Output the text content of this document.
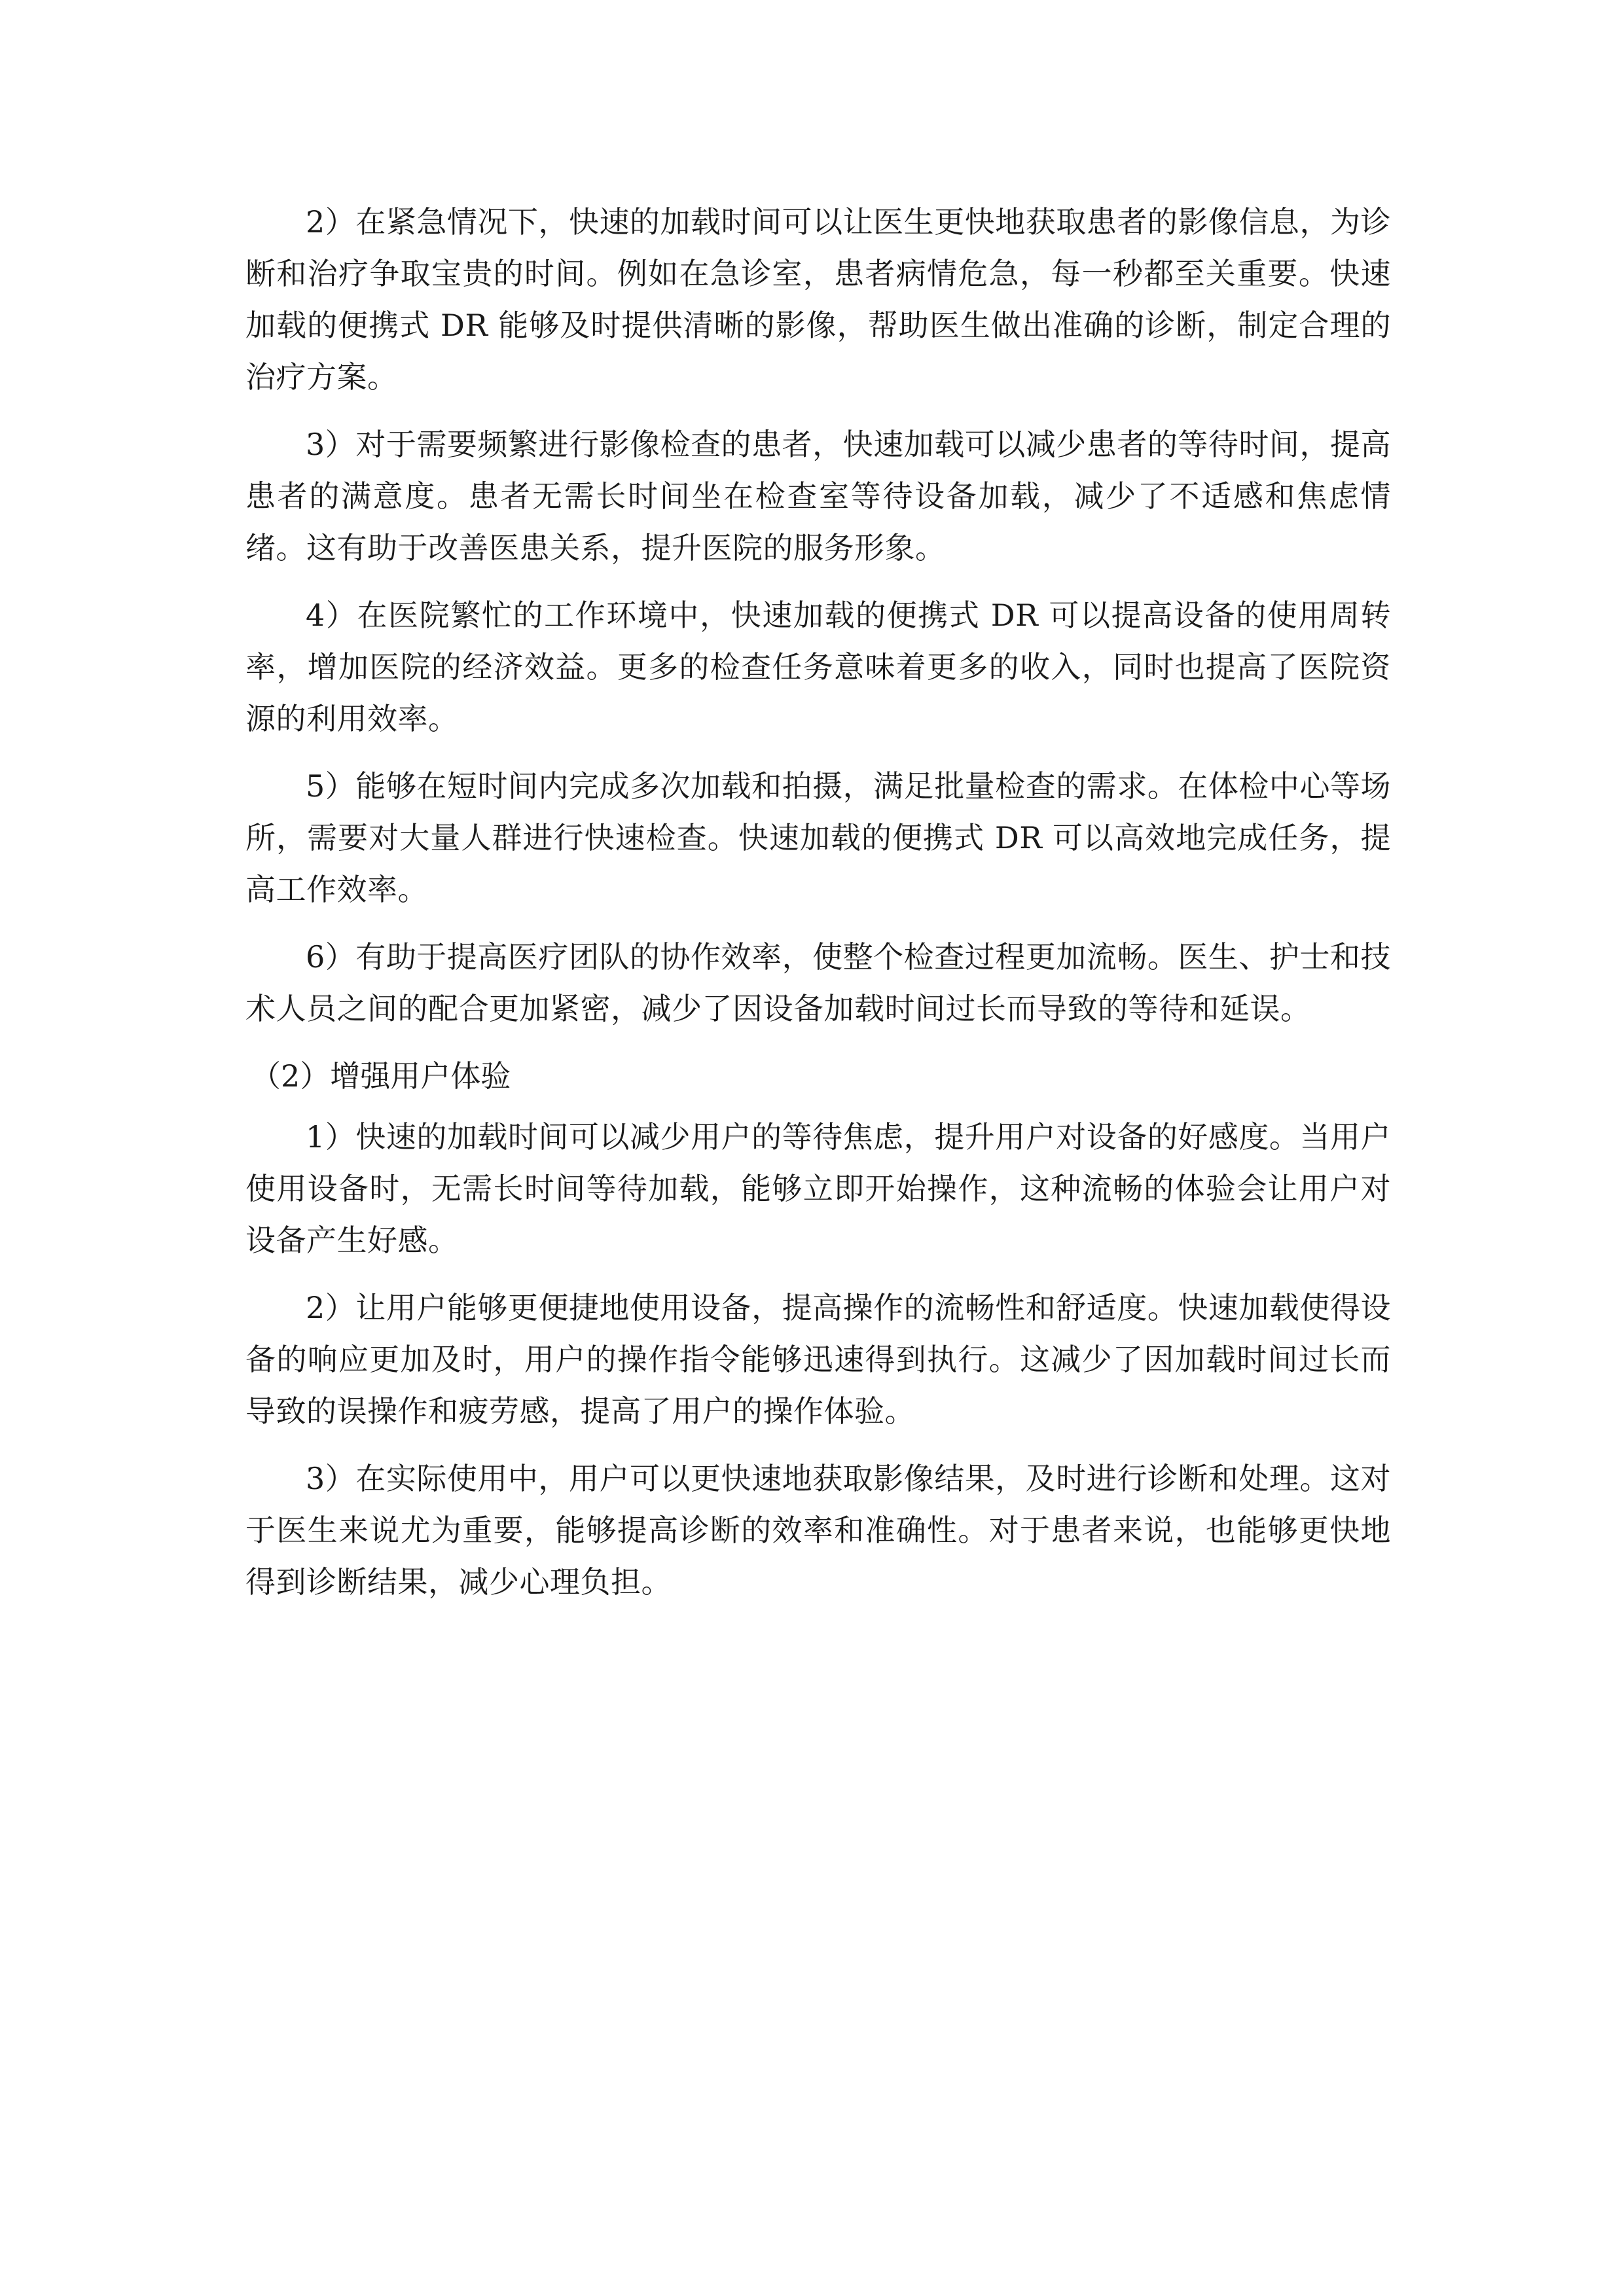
2）在紧急情况下，快速的加载时间可以让医生更快地获取患者的影像信息，为诊断和治疗争取宝贵的时间。例如在急诊室，患者病情危急，每一秒都至关重要。快速加载的便携式 DR 能够及时提供清晰的影像，帮助医生做出准确的诊断，制定合理的治疗方案。

3）对于需要频繁进行影像检查的患者，快速加载可以减少患者的等待时间，提高患者的满意度。患者无需长时间坐在检查室等待设备加载，减少了不适感和焦虑情绪。这有助于改善医患关系，提升医院的服务形象。

4）在医院繁忙的工作环境中，快速加载的便携式 DR 可以提高设备的使用周转率，增加医院的经济效益。更多的检查任务意味着更多的收入，同时也提高了医院资源的利用效率。

5）能够在短时间内完成多次加载和拍摄，满足批量检查的需求。在体检中心等场所，需要对大量人群进行快速检查。快速加载的便携式 DR 可以高效地完成任务，提高工作效率。

6）有助于提高医疗团队的协作效率，使整个检查过程更加流畅。医生、护士和技术人员之间的配合更加紧密，减少了因设备加载时间过长而导致的等待和延误。

（2）增强用户体验

1）快速的加载时间可以减少用户的等待焦虑，提升用户对设备的好感度。当用户使用设备时，无需长时间等待加载，能够立即开始操作，这种流畅的体验会让用户对设备产生好感。

2）让用户能够更便捷地使用设备，提高操作的流畅性和舒适度。快速加载使得设备的响应更加及时，用户的操作指令能够迅速得到执行。这减少了因加载时间过长而导致的误操作和疲劳感，提高了用户的操作体验。

3）在实际使用中，用户可以更快速地获取影像结果，及时进行诊断和处理。这对于医生来说尤为重要，能够提高诊断的效率和准确性。对于患者来说，也能够更快地得到诊断结果，减少心理负担。
